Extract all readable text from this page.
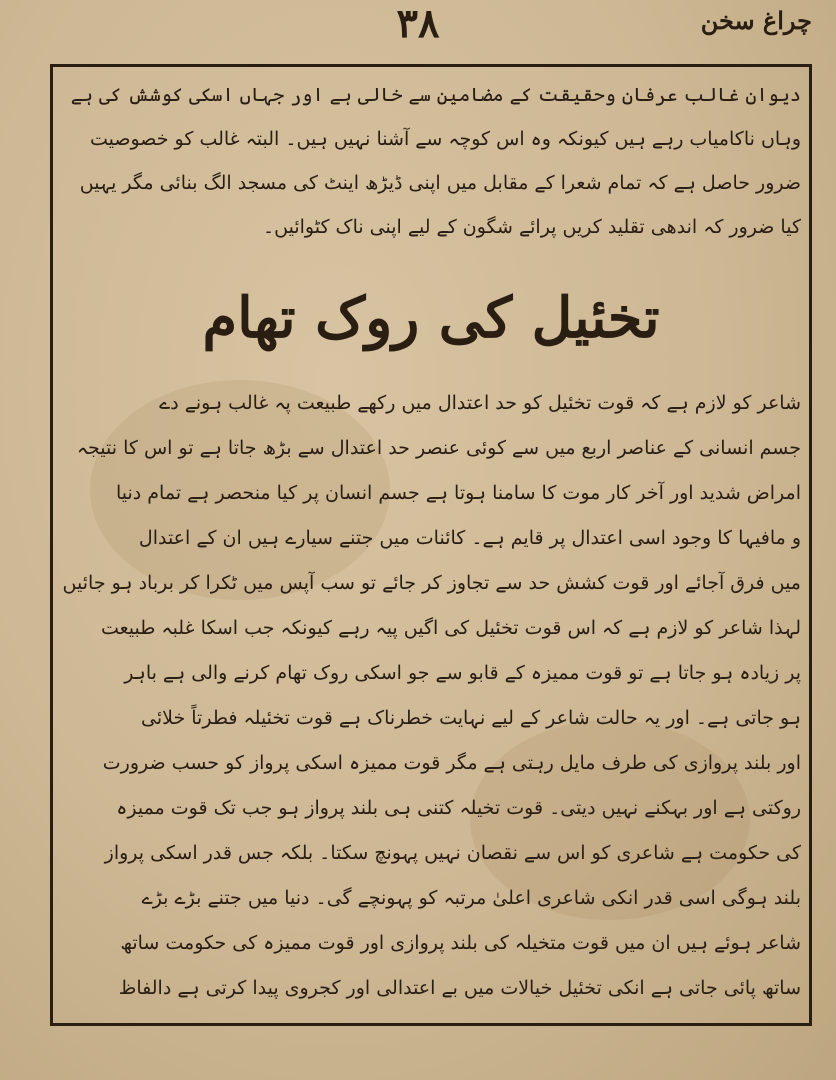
چراغ سخن
۳۸

دیوان غالب عرفان وحقیقت کے مضامین سے خالی ہے اور جہاں اسکی کوشش کی ہے

وہاں ناکامیاب رہے ہیں کیونکہ وہ اس کوچہ سے آشنا نہیں ہیں۔ البتہ غالب کو خصوصیت

ضرور حاصل ہے کہ تمام شعرا کے مقابل میں اپنی ڈیڑھ اینٹ کی مسجد الگ بنائی مگر یہیں

کیا ضرور کہ اندھی تقلید کریں پرائے شگون کے لیے اپنی ناک کٹوائیں۔

تخئیل کی روک تھام

شاعر کو لازم ہے کہ قوت تخئیل کو حد اعتدال میں رکھے طبیعت پہ غالب ہونے دے

جسم انسانی کے عناصر اربع میں سے کوئی عنصر حد اعتدال سے بڑھ جاتا ہے تو اس کا نتیجہ

امراض شدید اور آخر کار موت کا سامنا ہوتا ہے جسم انسان پر کیا منحصر ہے تمام دنیا

و مافیہا کا وجود اسی اعتدال پر قایم ہے۔ کائنات میں جتنے سیارے ہیں ان کے اعتدال

میں فرق آجائے اور قوت کشش حد سے تجاوز کر جائے تو سب آپس میں ٹکرا کر برباد ہو جائیں

لہذا شاعر کو لازم ہے کہ اس قوت تخئیل کی اگیں پیہ رہے کیونکہ جب اسکا غلبہ طبیعت

پر زیادہ ہو جاتا ہے تو قوت ممیزہ کے قابو سے جو اسکی روک تھام کرنے والی ہے باہر

ہو جاتی ہے۔ اور یہ حالت شاعر کے لیے نہایت خطرناک ہے قوت تخئیلہ فطرتاً خلائی

اور بلند پروازی کی طرف مایل رہتی ہے مگر قوت ممیزہ اسکی پرواز کو حسب ضرورت

روکتی ہے اور بہکنے نہیں دیتی۔ قوت تخیلہ کتنی ہی بلند پرواز ہو جب تک قوت ممیزہ

کی حکومت ہے شاعری کو اس سے نقصان نہیں پہونچ سکتا۔ بلکہ جس قدر اسکی پرواز

بلند ہوگی اسی قدر انکی شاعری اعلیٰ مرتبہ کو پہونچے گی۔ دنیا میں جتنے بڑے بڑے

شاعر ہوئے ہیں ان میں قوت متخیلہ کی بلند پروازی اور قوت ممیزہ کی حکومت ساتھ

ساتھ پائی جاتی ہے انکی تخئیل خیالات میں بے اعتدالی اور کجروی پیدا کرتی ہے دالفاظ
